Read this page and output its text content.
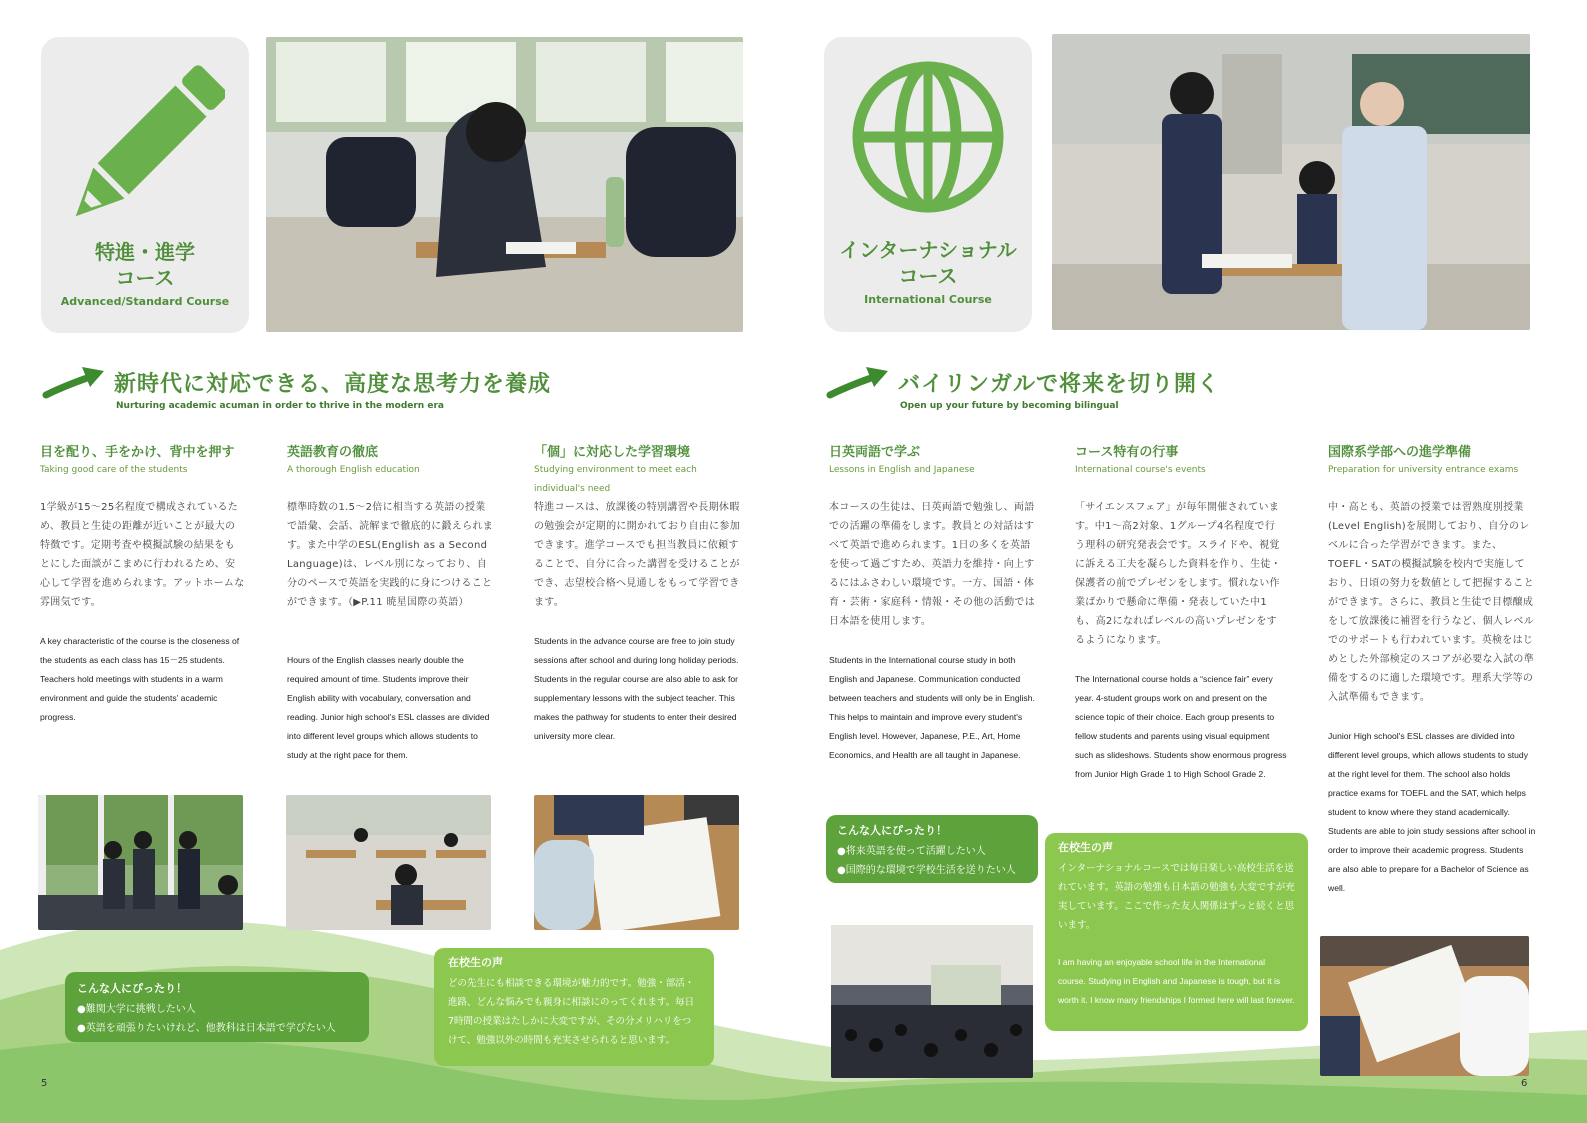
特進・進学
コース
Advanced/Standard Course
新時代に対応できる、高度な思考力を養成
Nurturing academic acuman in order to thrive in the modern era
目を配り、手をかけ、背中を押す
Taking good care of the students
1学級が15～25名程度で構成されているため、教員と生徒の距離が近いことが最大の特徴です。定期考査や模擬試験の結果をもとにした面談がこまめに行われるため、安心して学習を進められます。アットホームな雰囲気です。
A key characteristic of the course is the closeness of the students as each class has 15－25 students. Teachers hold meetings with students in a warm environment and guide the students' academic progress.
英語教育の徹底
A thorough English education
標準時数の1.5～2倍に相当する英語の授業で語彙、会話、読解まで徹底的に鍛えられます。また中学のESL(English as a Second Language)は、レベル別になっており、自分のペースで英語を実践的に身につけることができます。（▶P.11 暁星国際の英語）
Hours of the English classes nearly double the required amount of time. Students improve their English ability with vocabulary, conversation and reading. Junior high school's ESL classes are divided into different level groups which allows students to study at the right pace for them.
「個」に対応した学習環境
Studying environment to meet each individual's need
特進コースは、放課後の特別講習や長期休暇の勉強会が定期的に開かれており自由に参加できます。進学コースでも担当教員に依頼することで、自分に合った講習を受けることができ、志望校合格へ見通しをもって学習できます。
Students in the advance course are free to join study sessions after school and during long holiday periods. Students in the regular course are also able to ask for supplementary lessons with the subject teacher. This makes the pathway for students to enter their desired university more clear.
こんな人にぴったり！
●難関大学に挑戦したい人
●英語を頑張りたいけれど、他教科は日本語で学びたい人
在校生の声
どの先生にも相談できる環境が魅力的です。勉強・部活・進路、どんな悩みでも親身に相談にのってくれます。毎日7時間の授業はたしかに大変ですが、その分メリハリをつけて、勉強以外の時間も充実させられると思います。
5
インターナショナル
コース
International Course
バイリンガルで将来を切り開く
Open up your future by becoming bilingual
日英両語で学ぶ
Lessons in English and Japanese
本コースの生徒は、日英両語で勉強し、両語での活躍の準備をします。教員との対話はすべて英語で進められます。1日の多くを英語を使って過ごすため、英語力を維持・向上するにはふさわしい環境です。一方、国語・体育・芸術・家庭科・情報・その他の活動では日本語を使用します。
Students in the International course study in both English and Japanese. Communication conducted between teachers and students will only be in English. This helps to maintain and improve every student's English level. However, Japanese, P.E., Art, Home Economics, and Health are all taught in Japanese.
コース特有の行事
International course's events
「サイエンスフェア」が毎年開催されています。中1～高2対象、1グループ4名程度で行う理科の研究発表会です。スライドや、視覚に訴える工夫を凝らした資料を作り、生徒・保護者の前でプレゼンをします。慣れない作業ばかりで懸命に準備・発表していた中1も、高2になればレベルの高いプレゼンをするようになります。
The International course holds a “science fair” every year. 4-student groups work on and present on the science topic of their choice. Each group presents to fellow students and parents using visual equipment such as slideshows. Students show enormous progress from Junior High Grade 1 to High School Grade 2.
国際系学部への進学準備
Preparation for university entrance exams
中・高とも、英語の授業では習熟度別授業(Level English)を展開しており、自分のレベルに合った学習ができます。また、TOEFL・SATの模擬試験を校内で実施しており、日頃の努力を数値として把握することができます。さらに、教員と生徒で目標醸成をして放課後に補習を行うなど、個人レベルでのサポートも行われています。英検をはじめとした外部検定のスコアが必要な入試の準備をするのに適した環境です。理系大学等の入試準備もできます。
Junior High school's ESL classes are divided into different level groups, which allows students to study at the right level for them. The school also holds practice exams for TOEFL and the SAT, which helps student to know where they stand academically. Students are able to join study sessions after school in order to improve their academic progress. Students are also able to prepare for a Bachelor of Science as well.
こんな人にぴったり！
●将来英語を使って活躍したい人
●国際的な環境で学校生活を送りたい人
在校生の声
インターナショナルコースでは毎日楽しい高校生活を送れています。英語の勉強も日本語の勉強も大変ですが充実しています。ここで作った友人関係はずっと続くと思います。
I am having an enjoyable school life in the International course. Studying in English and Japanese is tough, but it is worth it. I know many friendships I formed here will last forever.
6
